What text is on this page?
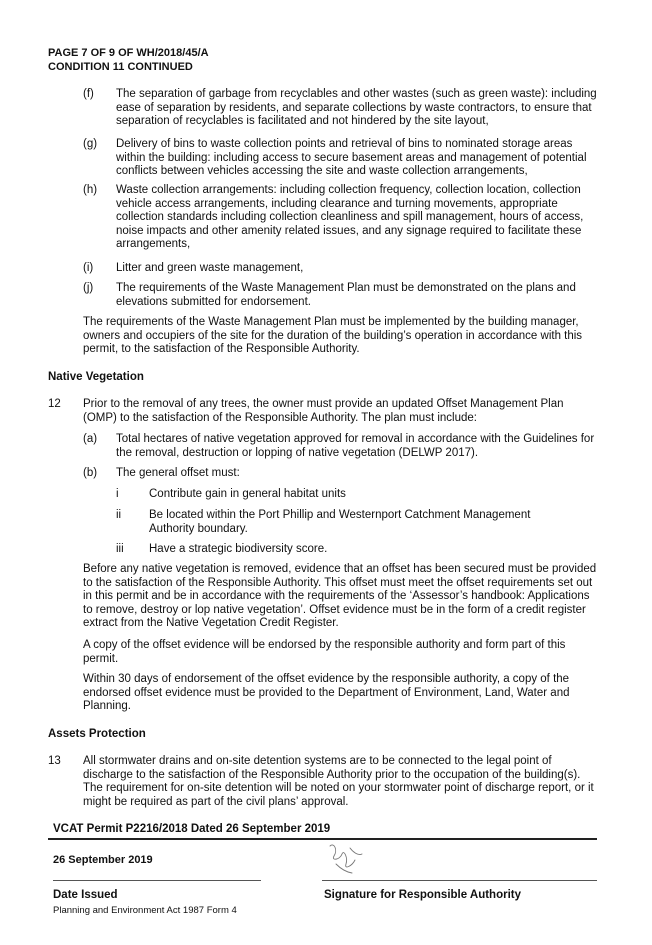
PAGE 7 OF 9 OF WH/2018/45/A
CONDITION 11 CONTINUED
(f) The separation of garbage from recyclables and other wastes (such as green waste): including ease of separation by residents, and separate collections by waste contractors, to ensure that separation of recyclables is facilitated and not hindered by the site layout,
(g) Delivery of bins to waste collection points and retrieval of bins to nominated storage areas within the building: including access to secure basement areas and management of potential conflicts between vehicles accessing the site and waste collection arrangements,
(h) Waste collection arrangements: including collection frequency, collection location, collection vehicle access arrangements, including clearance and turning movements, appropriate collection standards including collection cleanliness and spill management, hours of access, noise impacts and other amenity related issues, and any signage required to facilitate these arrangements,
(i) Litter and green waste management,
(j) The requirements of the Waste Management Plan must be demonstrated on the plans and elevations submitted for endorsement.
The requirements of the Waste Management Plan must be implemented by the building manager, owners and occupiers of the site for the duration of the building’s operation in accordance with this permit, to the satisfaction of the Responsible Authority.
Native Vegetation
12 Prior to the removal of any trees, the owner must provide an updated Offset Management Plan (OMP) to the satisfaction of the Responsible Authority. The plan must include:
(a) Total hectares of native vegetation approved for removal in accordance with the Guidelines for the removal, destruction or lopping of native vegetation (DELWP 2017).
(b) The general offset must:
i	Contribute gain in general habitat units
ii Be located within the Port Phillip and Westernport Catchment Management Authority boundary.
iii Have a strategic biodiversity score.
Before any native vegetation is removed, evidence that an offset has been secured must be provided to the satisfaction of the Responsible Authority. This offset must meet the offset requirements set out in this permit and be in accordance with the requirements of the ‘Assessor’s handbook: Applications to remove, destroy or lop native vegetation’. Offset evidence must be in the form of a credit register extract from the Native Vegetation Credit Register.
A copy of the offset evidence will be endorsed by the responsible authority and form part of this permit.
Within 30 days of endorsement of the offset evidence by the responsible authority, a copy of the endorsed offset evidence must be provided to the Department of Environment, Land, Water and Planning.
Assets Protection
13 All stormwater drains and on-site detention systems are to be connected to the legal point of discharge to the satisfaction of the Responsible Authority prior to the occupation of the building(s). The requirement for on-site detention will be noted on your stormwater point of discharge report, or it might be required as part of the civil plans’ approval.
VCAT Permit P2216/2018 Dated 26 September 2019
26 September 2019
Date Issued	Signature for Responsible Authority
Planning and Environment Act 1987 Form 4
